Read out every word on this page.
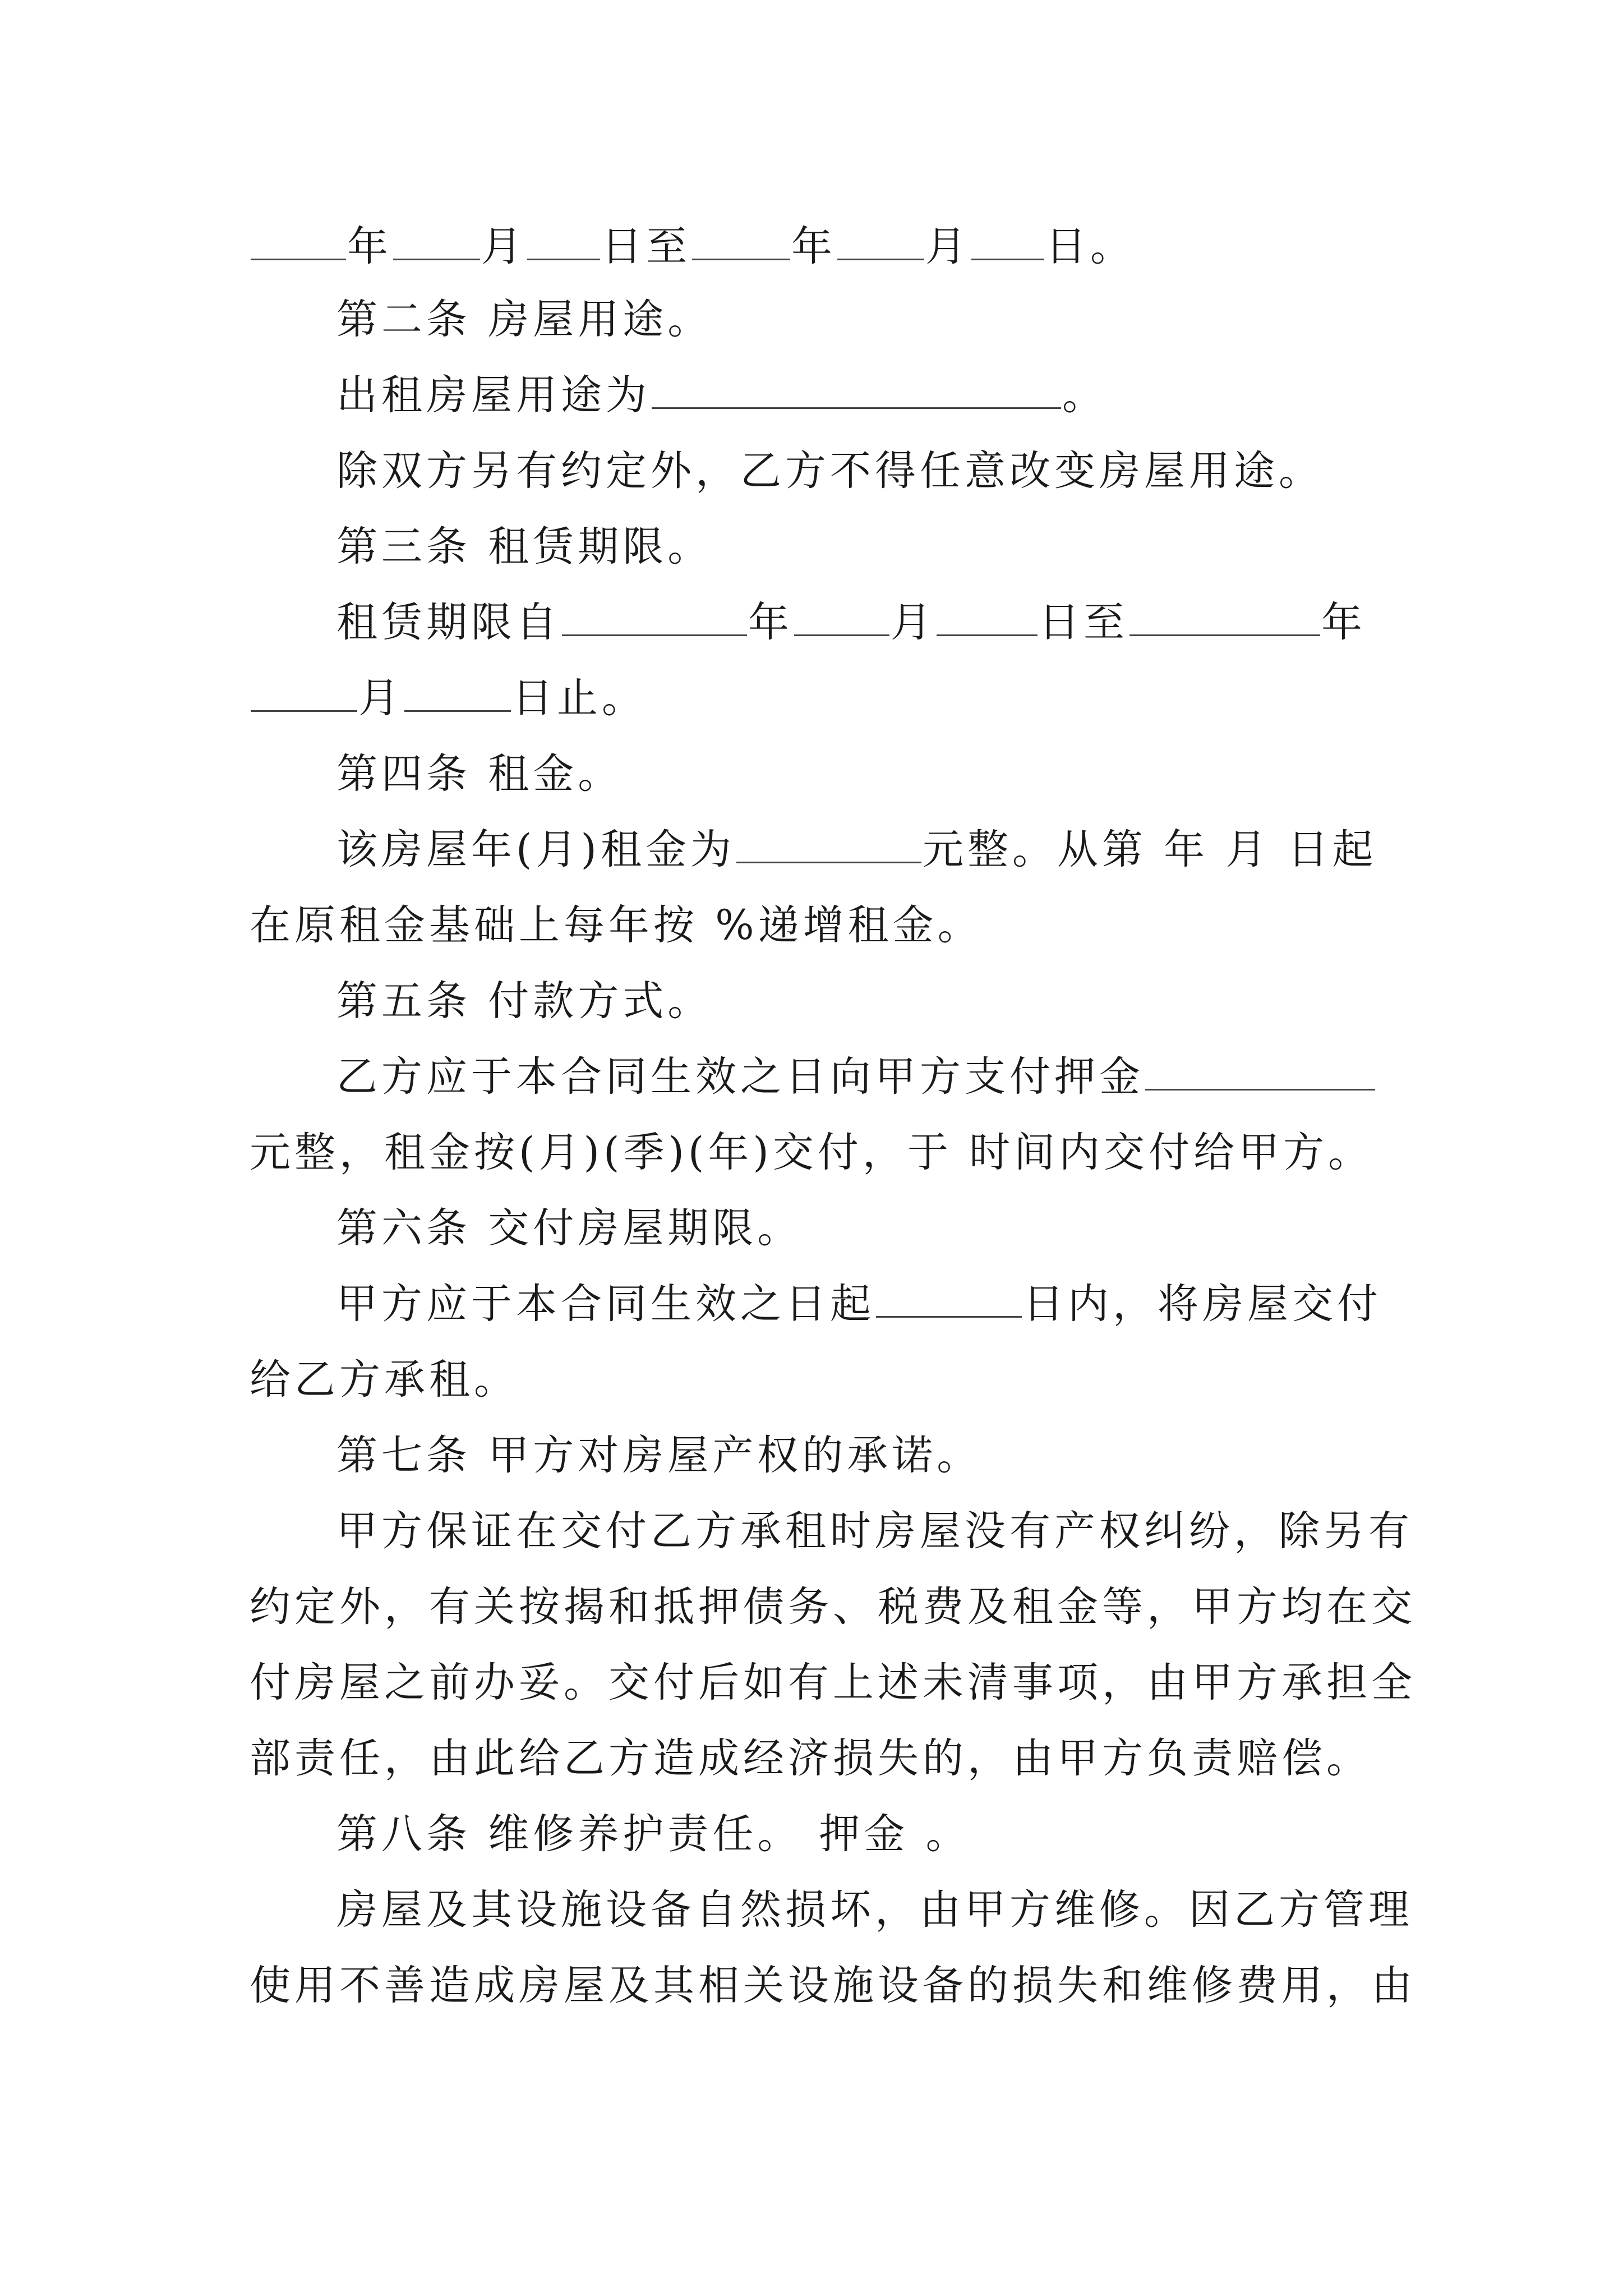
年 月 日至 年 月 日。
第二条 房屋用途。
出租房屋用途为	。
除双方另有约定外，乙方不得任意改变房屋用途。
第三条 租赁期限。
租赁期限自	年 月	日至	年
月	日止。
第四条 租金。
该房屋年(月)租金为	元整。从第 年 月 日起
在原租金基础上每年按 %递增租金。
第五条 付款方式。
乙方应于本合同生效之日向甲方支付押金
元整，租金按(月)(季)(年)交付，于 时间内交付给甲方。
第六条 交付房屋期限。
甲方应于本合同生效之日起	日内，将房屋交付
给乙方承租。
第七条 甲方对房屋产权的承诺。
甲方保证在交付乙方承租时房屋没有产权纠纷，除另有
约定外，有关按揭和抵押债务、税费及租金等，甲方均在交
付房屋之前办妥。交付后如有上述未清事项，由甲方承担全
部责任，由此给乙方造成经济损失的，由甲方负责赔偿。
第八条 维修养护责任。 押金 。
房屋及其设施设备自然损坏，由甲方维修。因乙方管理
使用不善造成房屋及其相关设施设备的损失和维修费用，由
